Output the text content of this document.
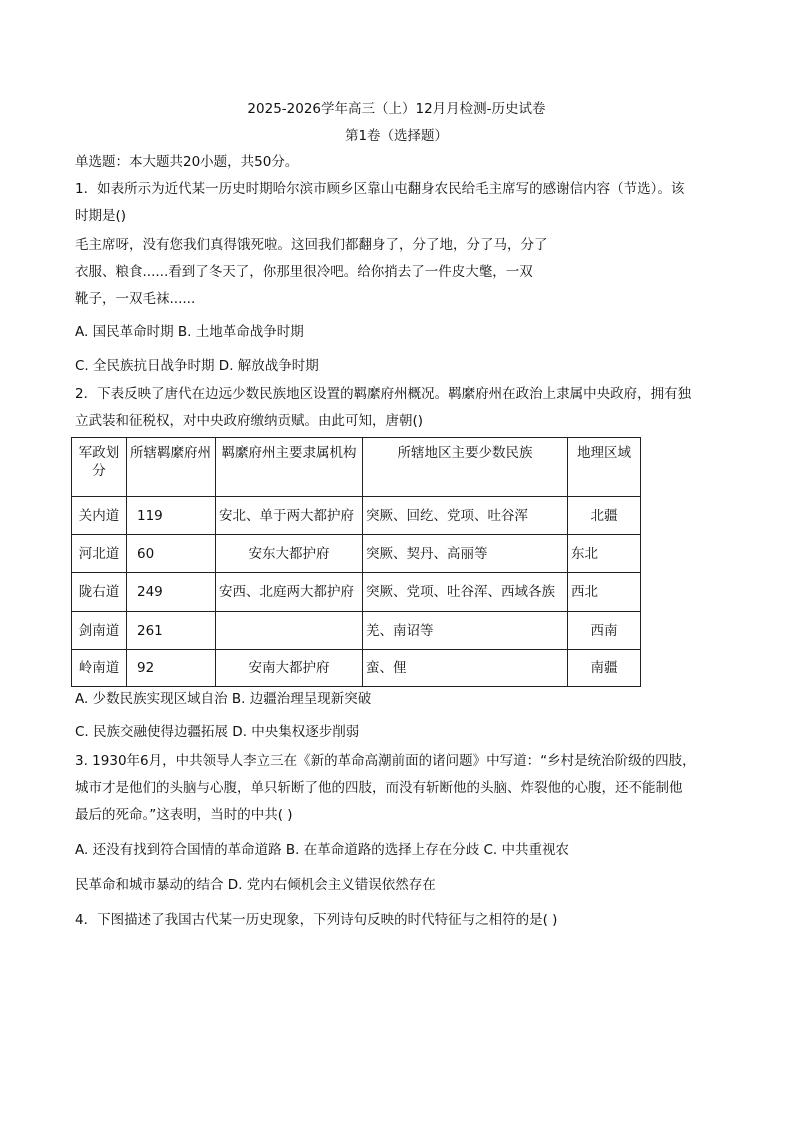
2025-2026学年高三（上）12月月检测-历史试卷
第1卷（选择题）
单选题：本大题共20小题，共50分。
1．如表所示为近代某一历史时期哈尔滨市顾乡区靠山屯翻身农民给毛主席写的感谢信内容（节选）。该
时期是()
毛主席呀，没有您我们真得饿死啦。这回我们都翻身了，分了地，分了马，分了
衣服、粮食......看到了冬天了，你那里很冷吧。给你捎去了一件皮大氅，一双
靴子，一双毛袜......
A. 国民革命时期 B. 土地革命战争时期
C. 全民族抗日战争时期 D. 解放战争时期
2．下表反映了唐代在边远少数民族地区设置的羁縻府州概况。羁縻府州在政治上隶属中央政府，拥有独
立武装和征税权，对中央政府缴纳贡赋。由此可知，唐朝()
军政划分	所辖羁縻府州	羁縻府州主要隶属机构	所辖地区主要少数民族	地理区域
关内道	119	安北、单于两大都护府	突厥、回纥、党项、吐谷浑	北疆
河北道	60	安东大都护府	突厥、契丹、高丽等	东北
陇右道	249	安西、北庭两大都护府	突厥、党项、吐谷浑、西域各族	西北
剑南道	261		羌、南诏等	西南
岭南道	92	安南大都护府	蛮、俚	南疆
A. 少数民族实现区域自治 B. 边疆治理呈现新突破
C. 民族交融使得边疆拓展 D. 中央集权逐步削弱
3. 1930年6月，中共领导人李立三在《新的革命高潮前面的诸问题》中写道：“乡村是统治阶级的四肢，
城市才是他们的头脑与心腹，单只斩断了他的四肢，而没有斩断他的头脑、炸裂他的心腹，还不能制他
最后的死命。”这表明，当时的中共( )
A. 还没有找到符合国情的革命道路 B. 在革命道路的选择上存在分歧 C. 中共重视农
民革命和城市暴动的结合 D. 党内右倾机会主义错误依然存在
4．下图描述了我国古代某一历史现象，下列诗句反映的时代特征与之相符的是( )
